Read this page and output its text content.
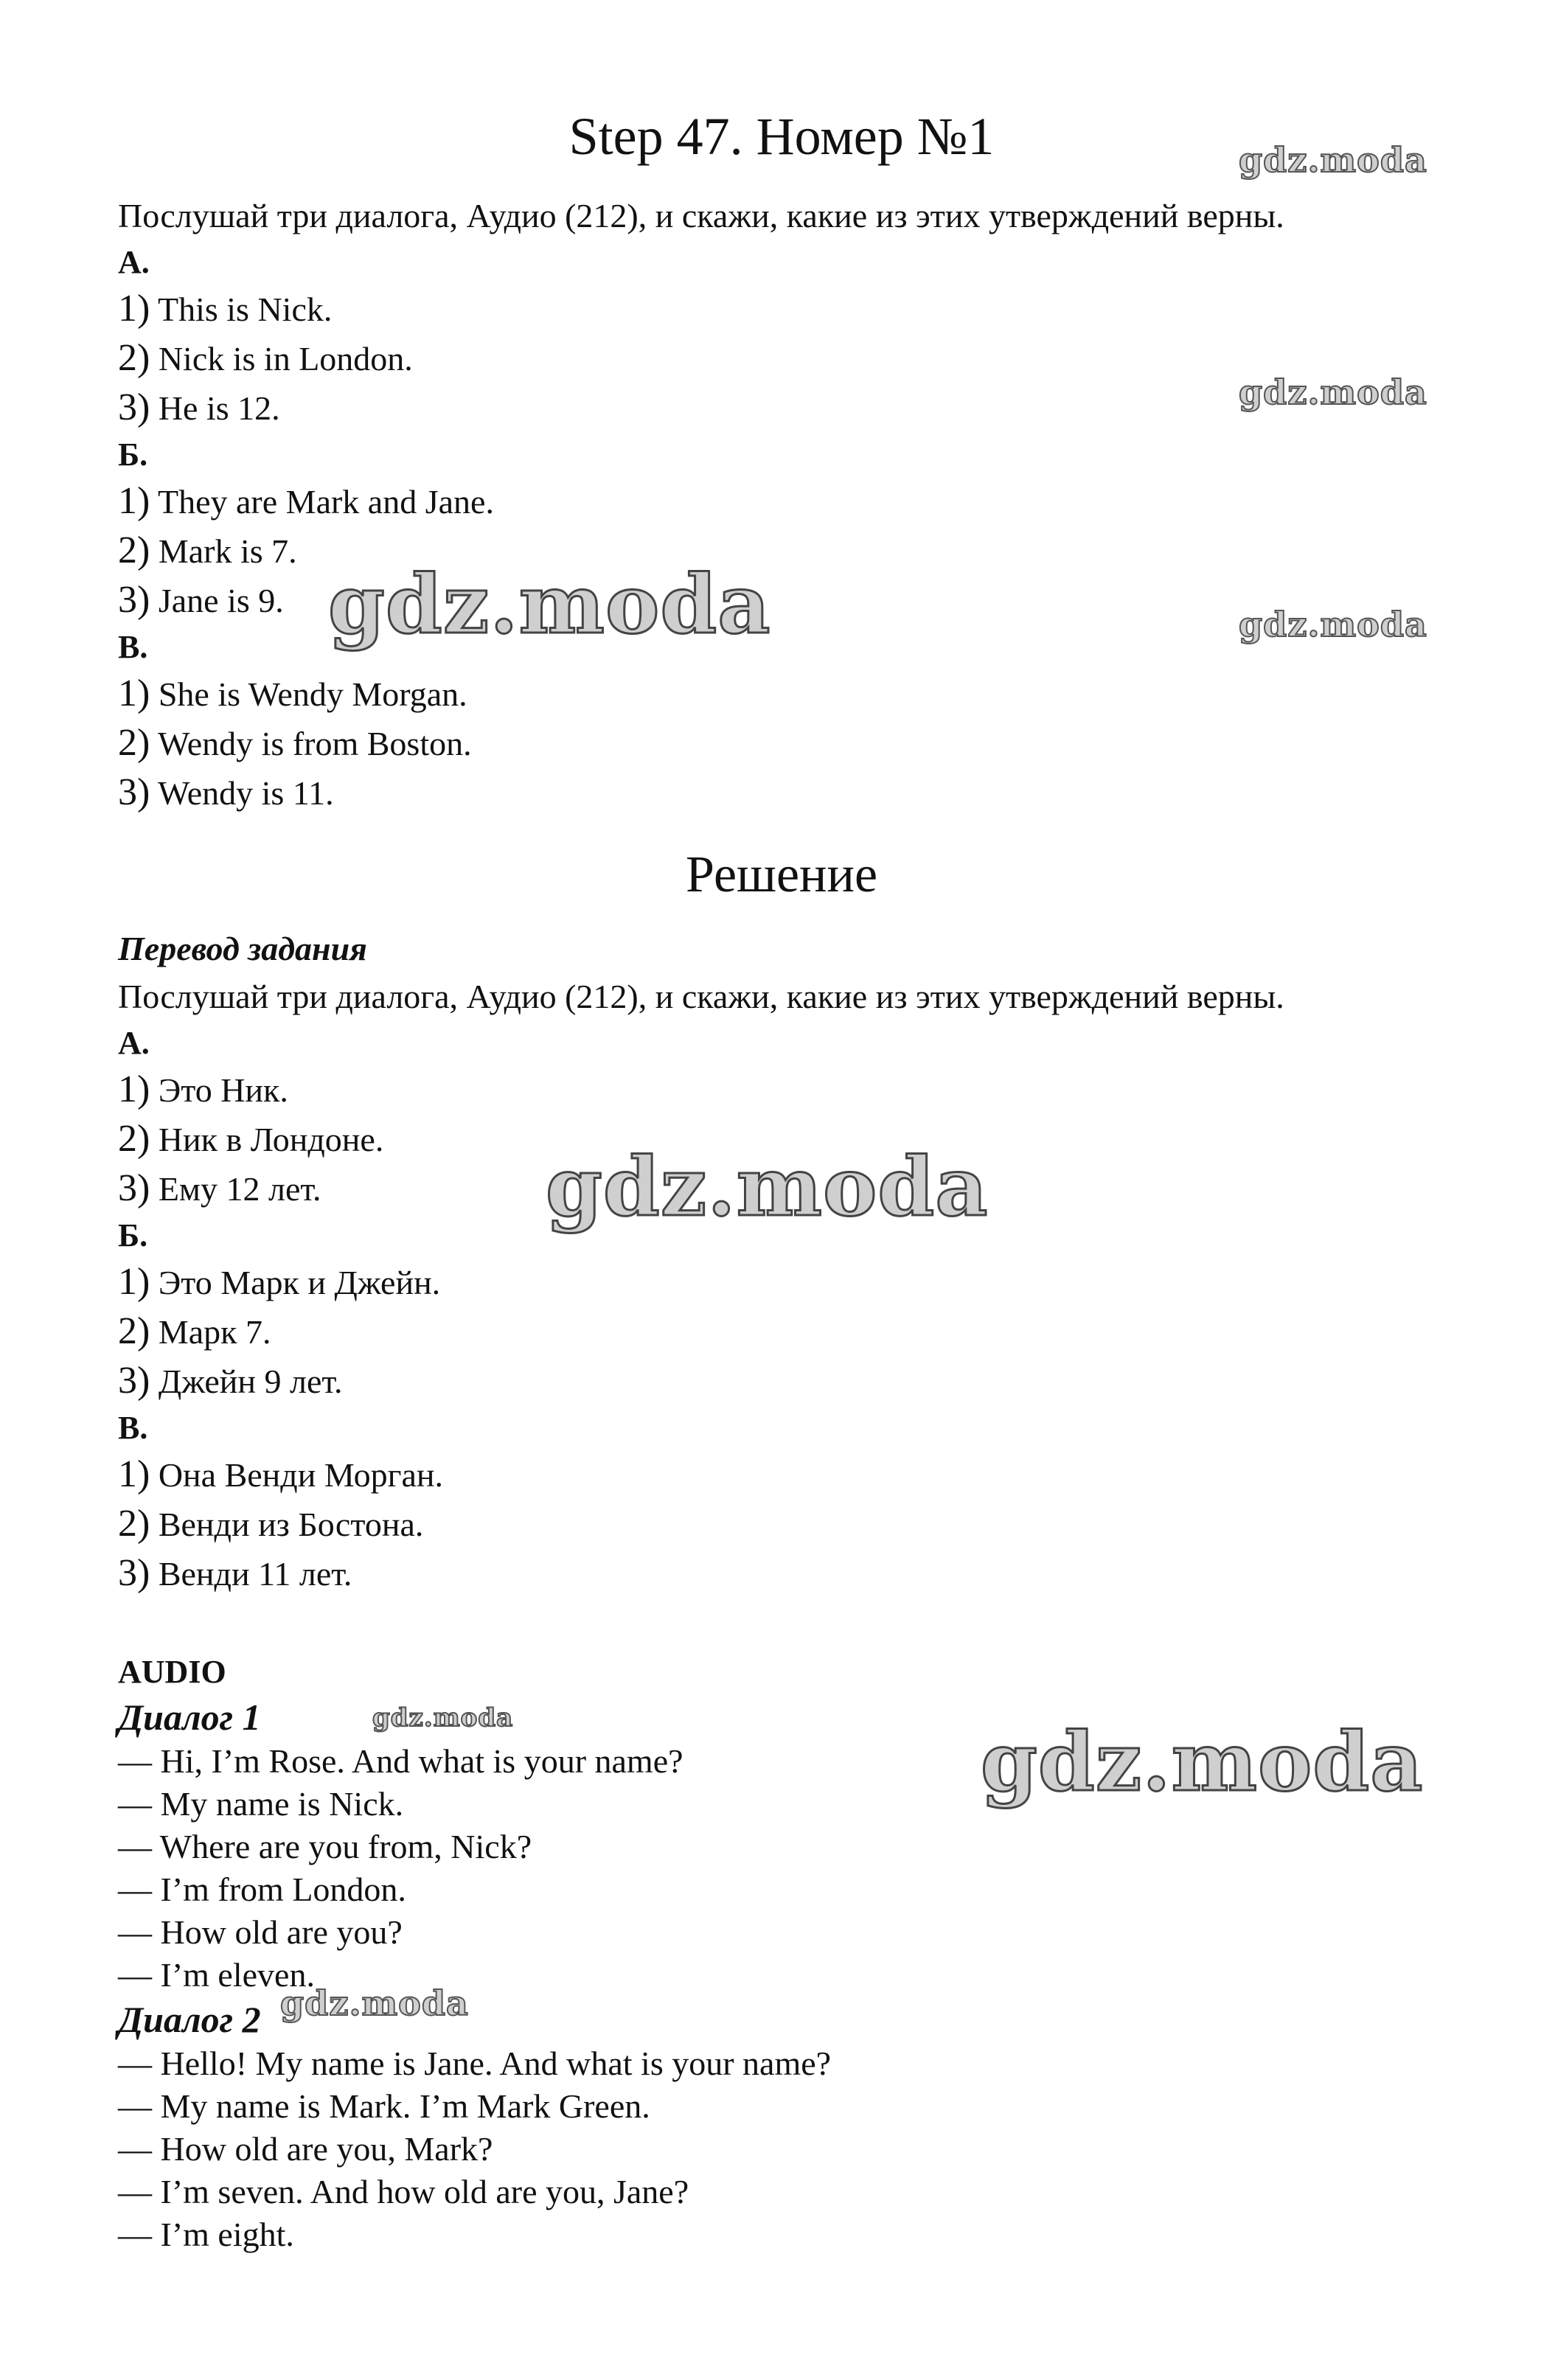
Step 47. Номер №1
Послушай три диалога, Аудио (212), и скажи, какие из этих утверждений верны.
А.
1) This is Nick.
2) Nick is in London.
3) He is 12.
Б.
1) They are Mark and Jane.
2) Mark is 7.
3) Jane is 9.
В.
1) She is Wendy Morgan.
2) Wendy is from Boston.
3) Wendy is 11.
Решение
Перевод задания
Послушай три диалога, Аудио (212), и скажи, какие из этих утверждений верны.
А.
1) Это Ник.
2) Ник в Лондоне.
3) Ему 12 лет.
Б.
1) Это Марк и Джейн.
2) Марк 7.
3) Джейн 9 лет.
В.
1) Она Венди Морган.
2) Венди из Бостона.
3) Венди 11 лет.
AUDIO
Диалог 1
— Hi, I’m Rose. And what is your name?
— My name is Nick.
— Where are you from, Nick?
— I’m from London.
— How old are you?
— I’m eleven.
Диалог 2
— Hello! My name is Jane. And what is your name?
— My name is Mark. I’m Mark Green.
— How old are you, Mark?
— I’m seven. And how old are you, Jane?
— I’m eight.
gdz.moda
gdz.moda
gdz.moda
gdz.moda
gdz.moda
gdz.moda	gdz.moda
gdz.moda
